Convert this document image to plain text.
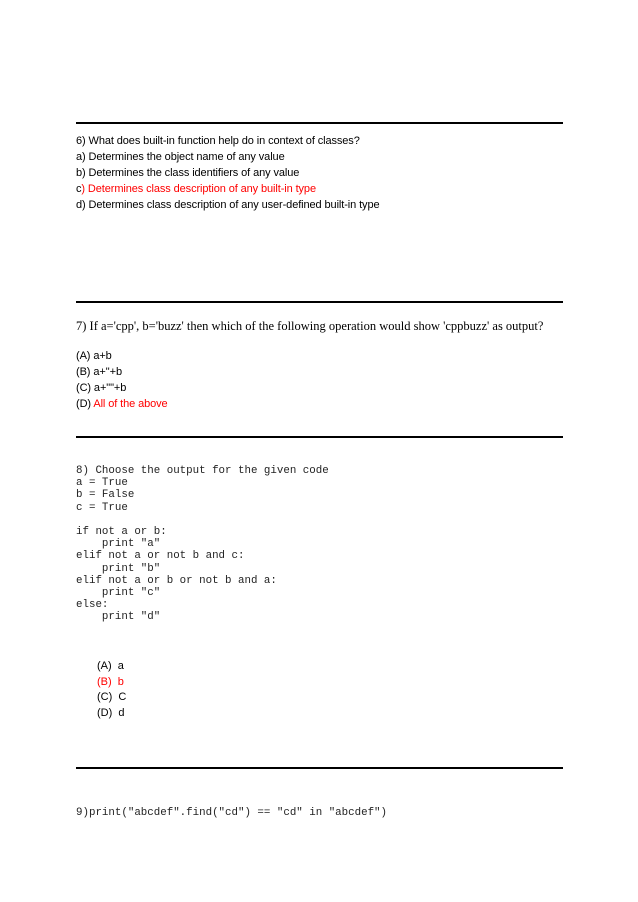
6) What does built-in function help do in context of classes?
a) Determines the object name of any value
b) Determines the class identifiers of any value
c) Determines class description of any built-in type
d) Determines class description of any user-defined built-in type
7) If a='cpp', b='buzz' then which of the following operation would show 'cppbuzz' as output?
(A) a+b
(B) a+''+b
(C) a+""+b
(D) All of the above
8) Choose the output for the given code
a = True
b = False
c = True

if not a or b:
print "a"
elif not a or not b and c:
print "b"
elif not a or b or not b and a:
print "c"
else:
print "d"
(A)  a
(B)  b
(C)  C
(D)  d
9)print("abcdef".find("cd") == "cd" in "abcdef")
